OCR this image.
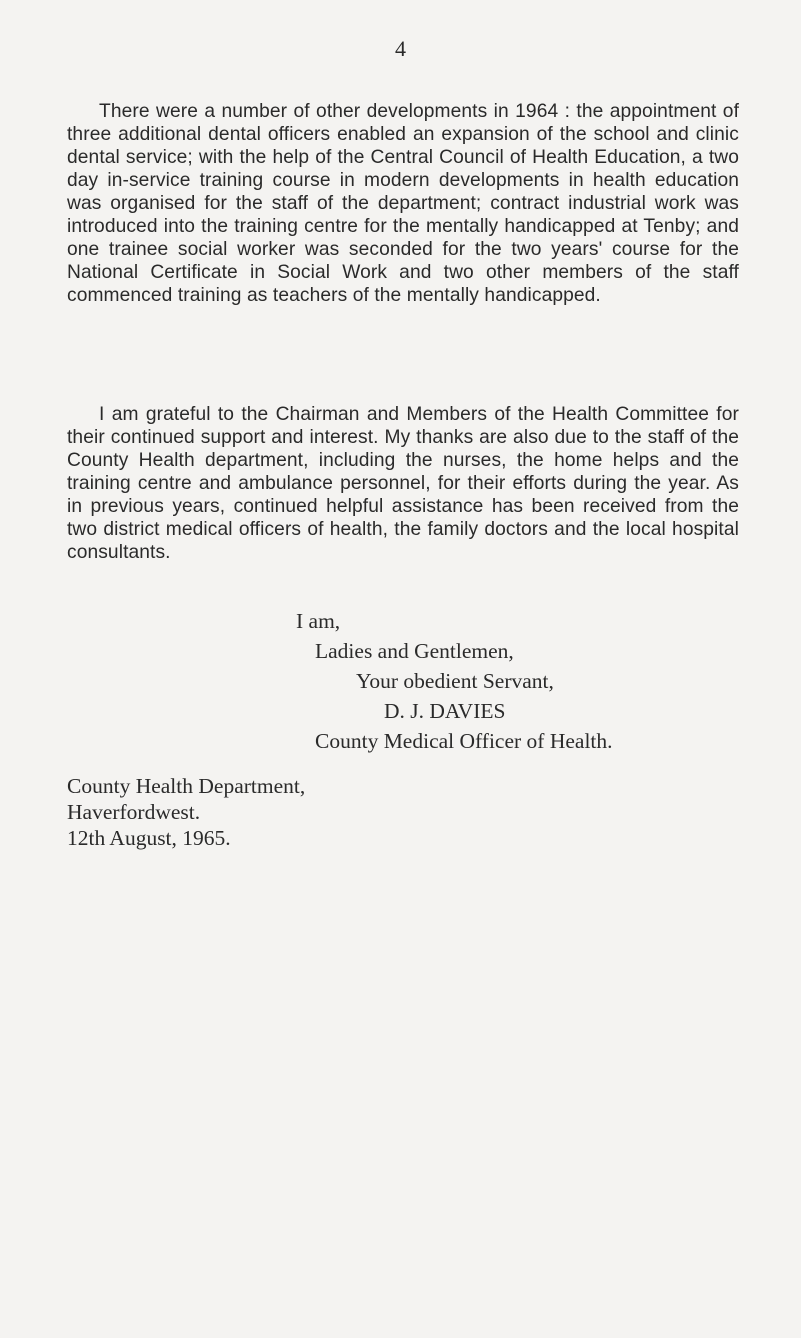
4

There were a number of other developments in 1964 : the appointment of three additional dental officers enabled an expansion of the school and clinic dental service; with the help of the Central Council of Health Education, a two day in-service training course in modern developments in health education was organised for the staff of the department; contract industrial work was introduced into the training centre for the mentally handicapped at Tenby; and one trainee social worker was seconded for the two years' course for the National Certificate in Social Work and two other members of the staff commenced training as teachers of the mentally handicapped.

I am grateful to the Chairman and Members of the Health Committee for their continued support and interest. My thanks are also due to the staff of the County Health department, including the nurses, the home helps and the training centre and ambulance personnel, for their efforts during the year. As in previous years, continued helpful assistance has been received from the two district medical officers of health, the family doctors and the local hospital consultants.

I am,

Ladies and Gentlemen,

Your obedient Servant,

D. J. DAVIES

County Medical Officer of Health.

County Health Department,

Haverfordwest.

12th August, 1965.
